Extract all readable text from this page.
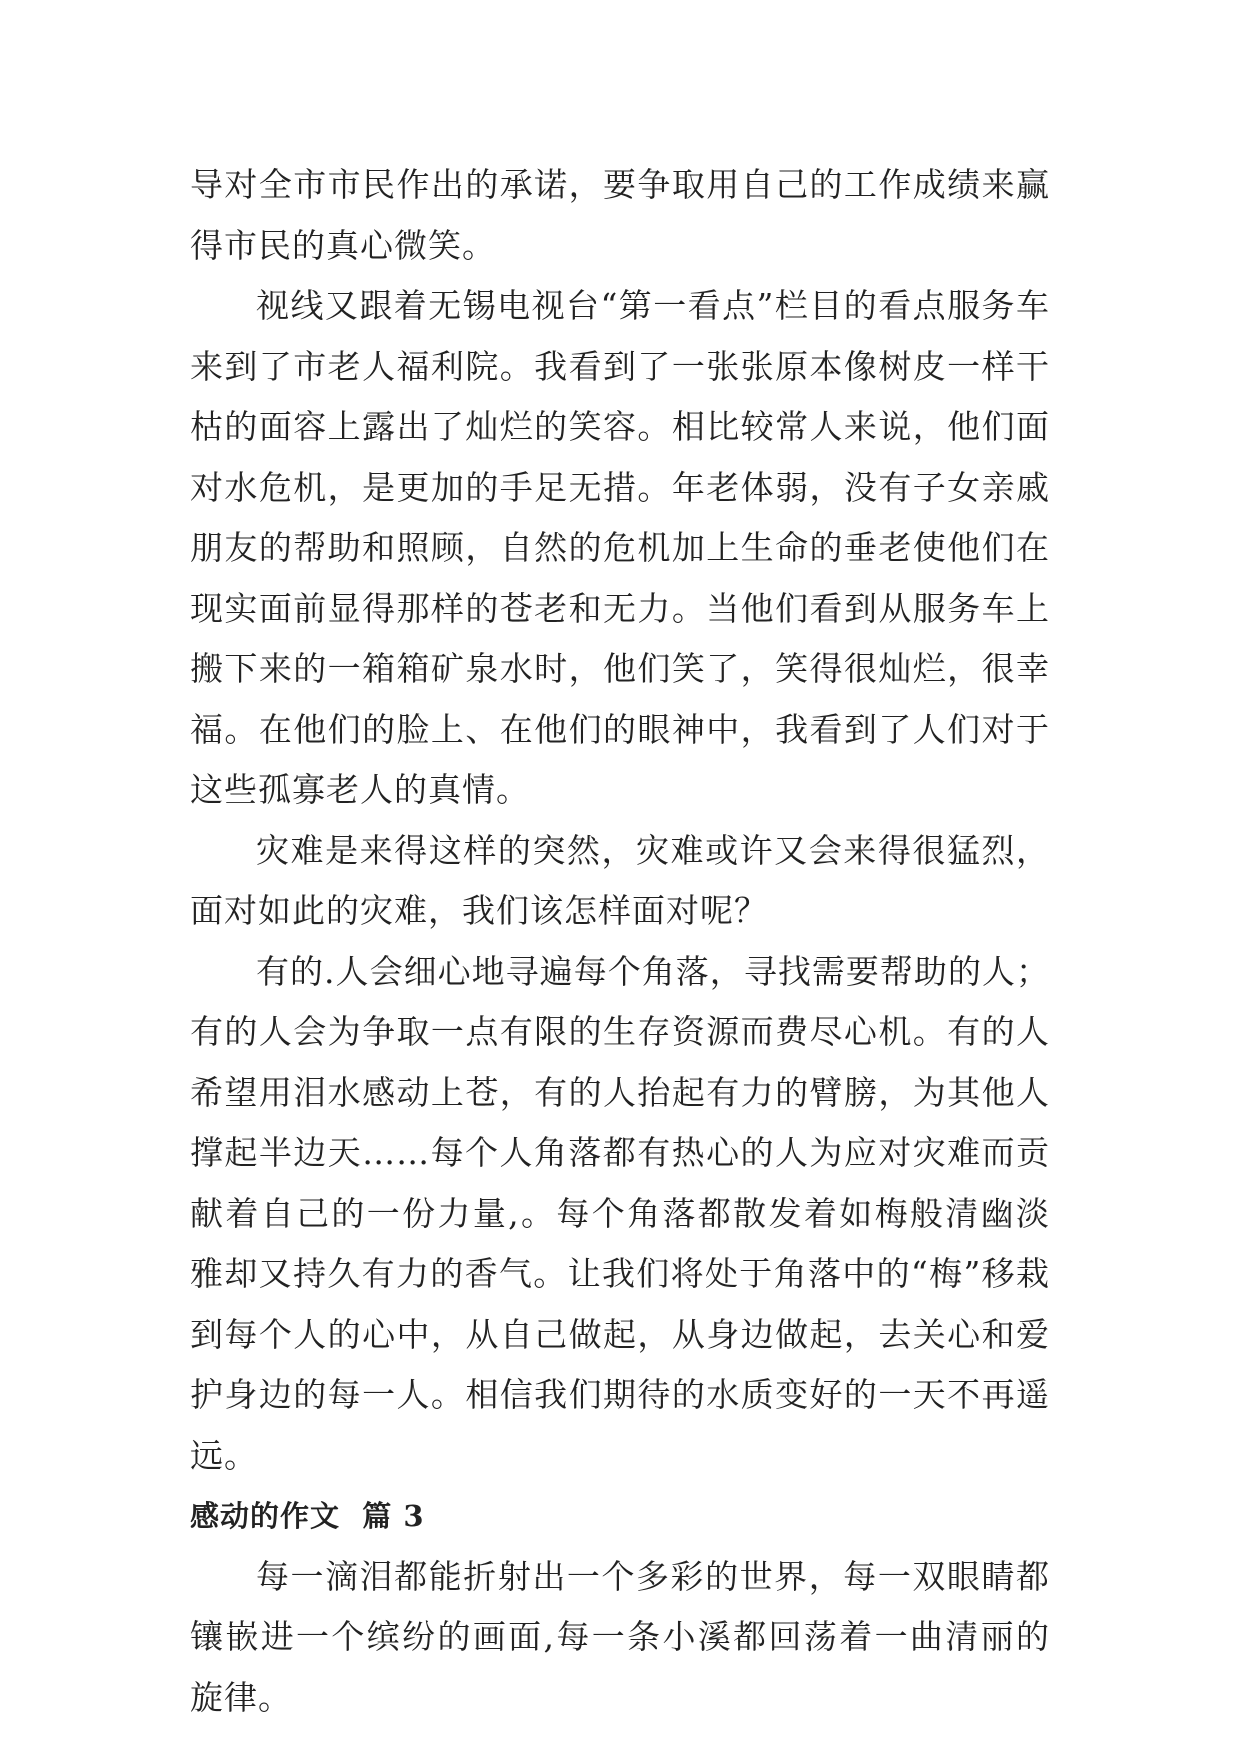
导对全市市民作出的承诺，要争取用自己的工作成绩来赢得市民的真心微笑。

视线又跟着无锡电视台“第一看点”栏目的看点服务车来到了市老人福利院。我看到了一张张原本像树皮一样干枯的面容上露出了灿烂的笑容。相比较常人来说，他们面对水危机，是更加的手足无措。年老体弱，没有子女亲戚朋友的帮助和照顾，自然的危机加上生命的垂老使他们在现实面前显得那样的苍老和无力。当他们看到从服务车上搬下来的一箱箱矿泉水时，他们笑了，笑得很灿烂，很幸福。在他们的脸上、在他们的眼神中，我看到了人们对于这些孤寡老人的真情。

灾难是来得这样的突然，灾难或许又会来得很猛烈，面对如此的灾难，我们该怎样面对呢？

有的.人会细心地寻遍每个角落，寻找需要帮助的人；有的人会为争取一点有限的生存资源而费尽心机。有的人希望用泪水感动上苍，有的人抬起有力的臂膀，为其他人撑起半边天……每个人角落都有热心的人为应对灾难而贡献着自己的一份力量,。每个角落都散发着如梅般清幽淡雅却又持久有力的香气。让我们将处于角落中的“梅”移栽到每个人的心中，从自己做起，从身边做起，去关心和爱护身边的每一人。相信我们期待的水质变好的一天不再遥远。

感动的作文 篇 3

每一滴泪都能折射出一个多彩的世界，每一双眼睛都镶嵌进一个缤纷的画面,每一条小溪都回荡着一曲清丽的旋律。
